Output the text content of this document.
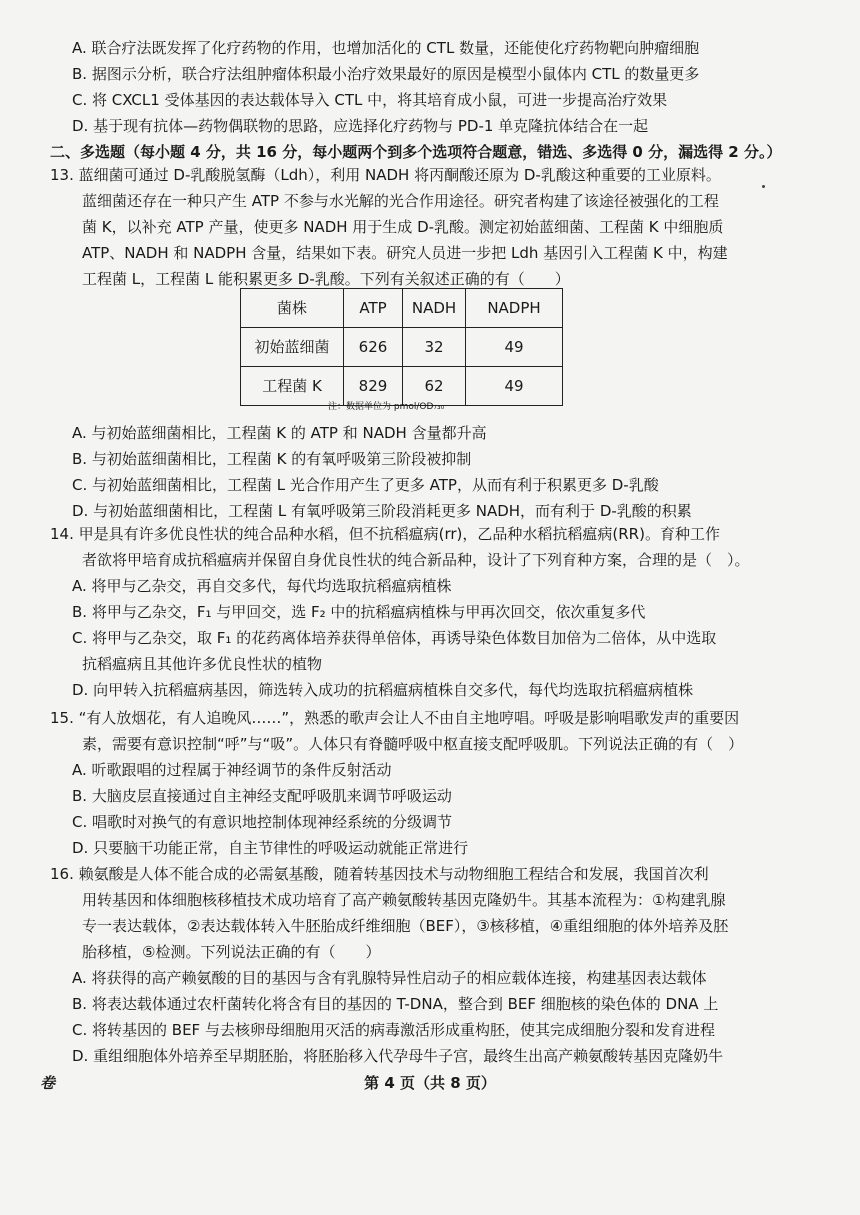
A. 联合疗法既发挥了化疗药物的作用，也增加活化的 CTL 数量，还能使化疗药物靶向肿瘤细胞
B. 据图示分析，联合疗法组肿瘤体积最小治疗效果最好的原因是模型小鼠体内 CTL 的数量更多
C. 将 CXCL1 受体基因的表达载体导入 CTL 中，将其培育成小鼠，可进一步提高治疗效果
D. 基于现有抗体—药物偶联物的思路，应选择化疗药物与 PD-1 单克隆抗体结合在一起
二、多选题（每小题 4 分，共 16 分，每小题两个到多个选项符合题意，错选、多选得 0 分，漏选得 2 分。）
13. 蓝细菌可通过 D-乳酸脱氢酶（Ldh），利用 NADH 将丙酮酸还原为 D-乳酸这种重要的工业原料。
蓝细菌还存在一种只产生 ATP 不参与水光解的光合作用途径。研究者构建了该途径被强化的工程
菌 K，以补充 ATP 产量，使更多 NADH 用于生成 D-乳酸。测定初始蓝细菌、工程菌 K 中细胞质
ATP、NADH 和 NADPH 含量，结果如下表。研究人员进一步把 Ldh 基因引入工程菌 K 中，构建
工程菌 L，工程菌 L 能积累更多 D-乳酸。下列有关叙述正确的有（　　）
菌株	ATP	NADH	NADPH
初始蓝细菌	626	32	49
工程菌 K	829	62	49
注：数据单位为 pmol/OD₇₃₀
A. 与初始蓝细菌相比，工程菌 K 的 ATP 和 NADH 含量都升高
B. 与初始蓝细菌相比，工程菌 K 的有氧呼吸第三阶段被抑制
C. 与初始蓝细菌相比，工程菌 L 光合作用产生了更多 ATP，从而有利于积累更多 D-乳酸
D. 与初始蓝细菌相比，工程菌 L 有氧呼吸第三阶段消耗更多 NADH，而有利于 D-乳酸的积累
14. 甲是具有许多优良性状的纯合品种水稻，但不抗稻瘟病(rr)，乙品种水稻抗稻瘟病(RR)。育种工作
者欲将甲培育成抗稻瘟病并保留自身优良性状的纯合新品种，设计了下列育种方案，合理的是（　）。
A. 将甲与乙杂交，再自交多代，每代均选取抗稻瘟病植株
B. 将甲与乙杂交，F₁ 与甲回交，选 F₂ 中的抗稻瘟病植株与甲再次回交，依次重复多代
C. 将甲与乙杂交，取 F₁ 的花药离体培养获得单倍体，再诱导染色体数目加倍为二倍体，从中选取
抗稻瘟病且其他许多优良性状的植物
D. 向甲转入抗稻瘟病基因，筛选转入成功的抗稻瘟病植株自交多代，每代均选取抗稻瘟病植株
15. “有人放烟花，有人追晚风……”，熟悉的歌声会让人不由自主地哼唱。呼吸是影响唱歌发声的重要因
素，需要有意识控制“呼”与“吸”。人体只有脊髓呼吸中枢直接支配呼吸肌。下列说法正确的有（　）
A. 听歌跟唱的过程属于神经调节的条件反射活动
B. 大脑皮层直接通过自主神经支配呼吸肌来调节呼吸运动
C. 唱歌时对换气的有意识地控制体现神经系统的分级调节
D. 只要脑干功能正常，自主节律性的呼吸运动就能正常进行
16. 赖氨酸是人体不能合成的必需氨基酸，随着转基因技术与动物细胞工程结合和发展，我国首次利
用转基因和体细胞核移植技术成功培育了高产赖氨酸转基因克隆奶牛。其基本流程为：①构建乳腺
专一表达载体，②表达载体转入牛胚胎成纤维细胞（BEF），③核移植，④重组细胞的体外培养及胚
胎移植，⑤检测。下列说法正确的有（　　）
A. 将获得的高产赖氨酸的目的基因与含有乳腺特异性启动子的相应载体连接，构建基因表达载体
B. 将表达载体通过农杆菌转化将含有目的基因的 T-DNA，整合到 BEF 细胞核的染色体的 DNA 上
C. 将转基因的 BEF 与去核卵母细胞用灭活的病毒激活形成重构胚，使其完成细胞分裂和发育进程
D. 重组细胞体外培养至早期胚胎，将胚胎移入代孕母牛子宫，最终生出高产赖氨酸转基因克隆奶牛
卷	第 4 页（共 8 页）
